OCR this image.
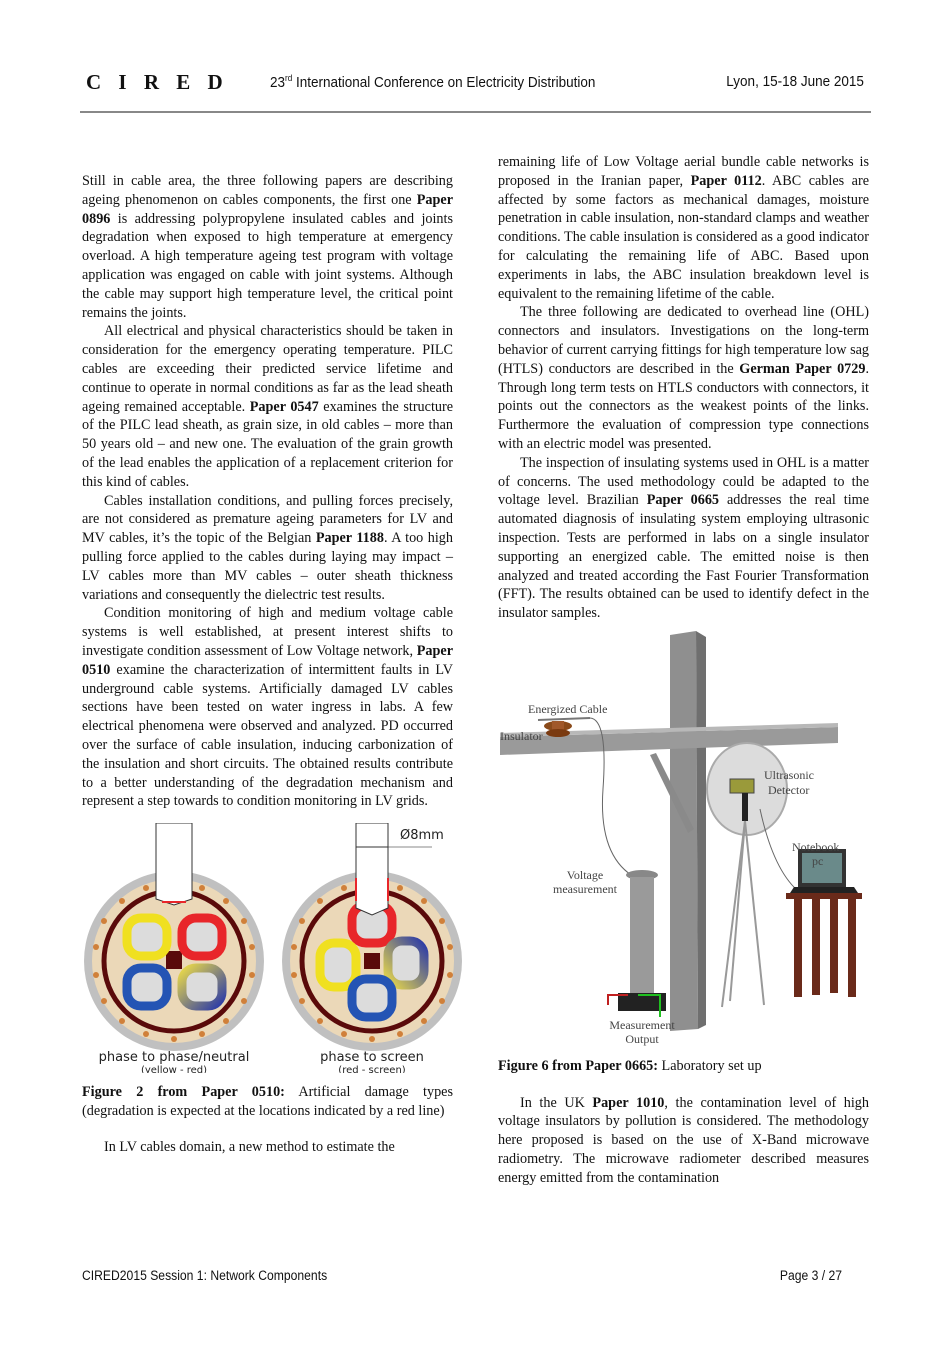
C I R E D	23rd International Conference on Electricity Distribution	Lyon, 15-18 June 2015

Still in cable area, the three following papers are describing ageing phenomenon on cables components, the first one Paper 0896 is addressing polypropylene insulated cables and joints degradation when exposed to high temperature at emergency overload. A high temperature ageing test program with voltage application was engaged on cable with joint systems. Although the cable may support high temperature level, the critical point remains the joints.

All electrical and physical characteristics should be taken in consideration for the emergency operating temperature. PILC cables are exceeding their predicted service lifetime and continue to operate in normal conditions as far as the lead sheath ageing remained acceptable. Paper 0547 examines the structure of the PILC lead sheath, as grain size, in old cables – more than 50 years old – and new one. The evaluation of the grain growth of the lead enables the application of a replacement criterion for this kind of cables.

Cables installation conditions, and pulling forces precisely, are not considered as premature ageing parameters for LV and MV cables, it’s the topic of the Belgian Paper 1188. A too high pulling force applied to the cables during laying may impact – LV cables more than MV cables – outer sheath thickness variations and consequently the dielectric test results.

Condition monitoring of high and medium voltage cable systems is well established, at present interest shifts to investigate condition assessment of Low Voltage network, Paper 0510 examine the characterization of intermittent faults in LV underground cable systems. Artificially damaged LV cables sections have been tested on water ingress in labs. A few electrical phenomena were observed and analyzed. PD occurred over the surface of cable insulation, inducing carbonization of the insulation and short circuits. The obtained results contribute to a better understanding of the degradation mechanism and represent a step towards to condition monitoring in LV grids.

Ø8mm
phase to phase/neutral
(yellow - red)
phase to screen
(red - screen)

Figure 2 from Paper 0510: Artificial damage types (degradation is expected at the locations indicated by a red line)

In LV cables domain, a new method to estimate the

remaining life of Low Voltage aerial bundle cable networks is proposed in the Iranian paper, Paper 0112. ABC cables are affected by some factors as mechanical damages, moisture penetration in cable insulation, non-standard clamps and weather conditions. The cable insulation is considered as a good indicator for calculating the remaining life of ABC. Based upon experiments in labs, the ABC insulation breakdown level is equivalent to the remaining lifetime of the cable.

The three following are dedicated to overhead line (OHL) connectors and insulators. Investigations on the long-term behavior of current carrying fittings for high temperature low sag (HTLS) conductors are described in the German Paper 0729. Through long term tests on HTLS conductors with connectors, it points out the connectors as the weakest points of the links. Furthermore the evaluation of compression type connections with an electric model was presented.

The inspection of insulating systems used in OHL is a matter of concerns. The used methodology could be adapted to the voltage level. Brazilian Paper 0665 addresses the real time automated diagnosis of insulating system employing ultrasonic inspection. Tests are performed in labs on a single insulator supporting an energized cable. The emitted noise is then analyzed and treated according the Fast Fourier Transformation (FFT). The results obtained can be used to identify defect in the insulator samples.

Energized Cable
Insulator
Ultrasonic
Detector
Notebook
pc
Voltage
measurement
Measurement
Output

Figure 6 from Paper 0665: Laboratory set up

In the UK Paper 1010, the contamination level of high voltage insulators by pollution is considered. The methodology here proposed is based on the use of X-Band microwave radiometry. The microwave radiometer described measures energy emitted from the contamination

CIRED2015 Session 1: Network Components	Page 3 / 27
